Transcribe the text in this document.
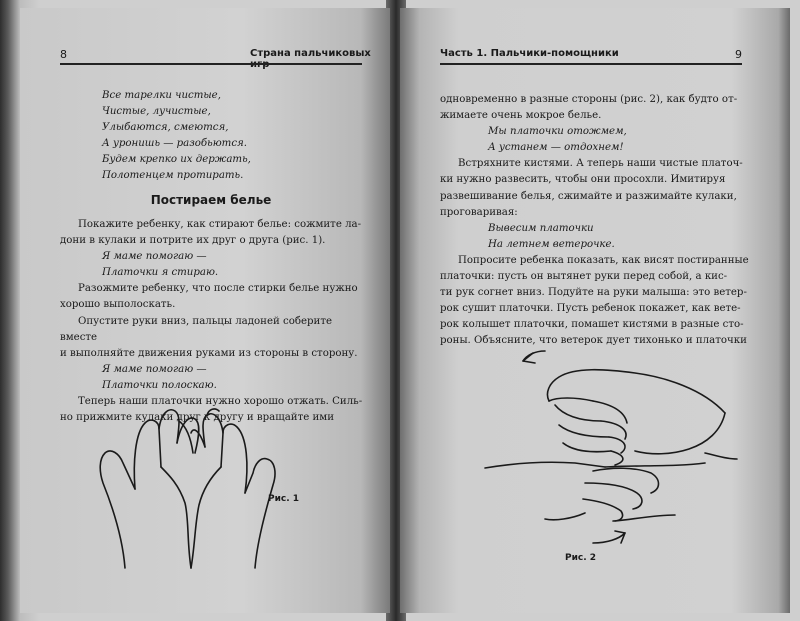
8	Страна пальчиковых

Все тарелки чистые,

Чистые, лучистые,

Улыбаются, смеются,

А уронишь — разобьются.

Будем крепко их держать,

Полотенцем протирать.

Постираем белье

Покажите ребенку, как стирают белье: сожмите ла-

дони в кулаки и потрите их друг о друга (рис. 1).

Я маме помогаю —

Платочки я стираю.

Разожмите ребенку, что после стирки белье нужно

хорошо выполоскать.

Опустите руки вниз, пальцы ладоней соберите вместе

и выполняйте движения руками из стороны в сторону.

Я маме помогаю —

Платочки полоскаю.

Теперь наши платочки нужно хорошо отжать. Силь-

но прижмите кулаки друг к другу и вращайте ими

Рис. 1
Часть 1. Пальчики-помощники	9

одновременно в разные стороны (рис. 2), как будто от-

жимаете очень мокрое белье.

Мы платочки отожмем,

А устанем — отдохнем!

Встряхните кистями. А теперь наши чистые платоч-

ки нужно развесить, чтобы они просохли. Имитируя

развешивание белья, сжимайте и разжимайте кулаки,

проговаривая:

Вывесим платочки

На летнем ветерочке.

Попросите ребенка показать, как висят постиранные

платочки: пусть он вытянет руки перед собой, а кис-

ти рук согнет вниз. Подуйте на руки малыша: это ветер-

рок сушит платочки. Пусть ребенок покажет, как вете-

рок колышет платочки, помашет кистями в разные сто-

роны. Объясните, что ветерок дует тихонько и платочки

Рис. 2
